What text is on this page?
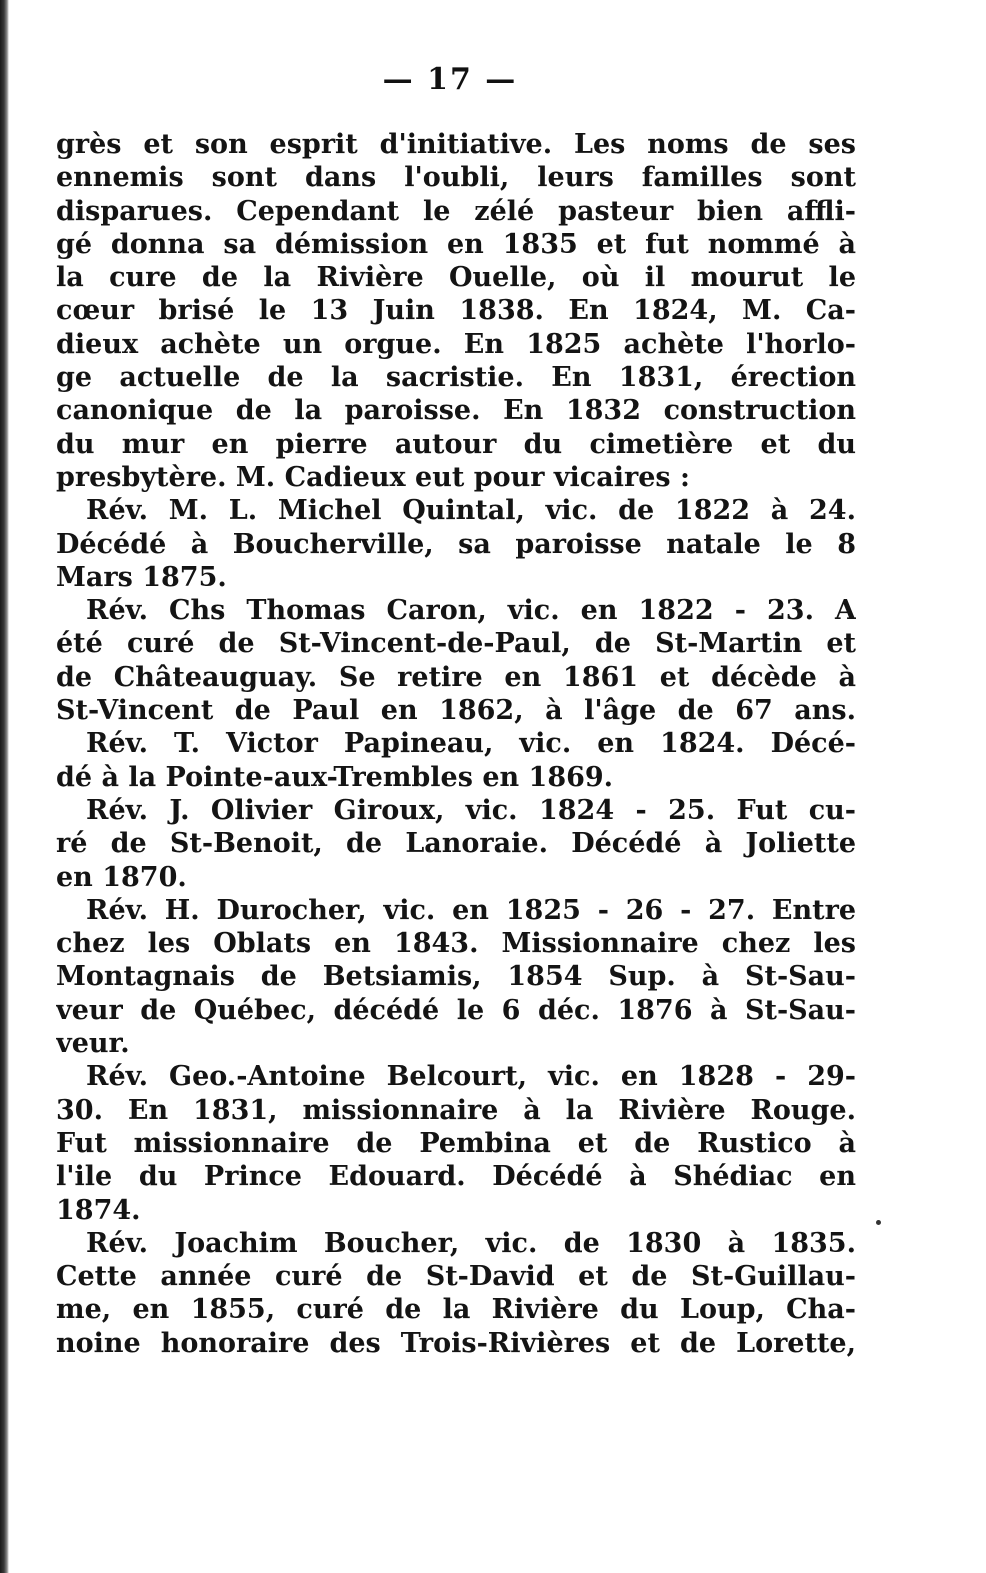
— 17 —
grès et son esprit d'initiative. Les noms de ses
ennemis sont dans l'oubli, leurs familles sont
disparues. Cependant le zélé pasteur bien affli-
gé donna sa démission en 1835 et fut nommé à
la cure de la Rivière Ouelle, où il mourut le
cœur brisé le 13 Juin 1838. En 1824, M. Ca-
dieux achète un orgue. En 1825 achète l'horlo-
ge actuelle de la sacristie. En 1831, érection
canonique de la paroisse. En 1832 construction
du mur en pierre autour du cimetière et du
presbytère. M. Cadieux eut pour vicaires :
Rév. M. L. Michel Quintal, vic. de 1822 à 24.
Décédé à Boucherville, sa paroisse natale le 8
Mars 1875.
Rév. Chs Thomas Caron, vic. en 1822 - 23. A
été curé de St-Vincent-de-Paul, de St-Martin et
de Châteauguay. Se retire en 1861 et décède à
St-Vincent de Paul en 1862, à l'âge de 67 ans.
Rév. T. Victor Papineau, vic. en 1824. Décé-
dé à la Pointe-aux-Trembles en 1869.
Rév. J. Olivier Giroux, vic. 1824 - 25. Fut cu-
ré de St-Benoit, de Lanoraie. Décédé à Joliette
en 1870.
Rév. H. Durocher, vic. en 1825 - 26 - 27. Entre
chez les Oblats en 1843. Missionnaire chez les
Montagnais de Betsiamis, 1854 Sup. à St-Sau-
veur de Québec, décédé le 6 déc. 1876 à St-Sau-
veur.
Rév. Geo.-Antoine Belcourt, vic. en 1828 - 29-
30. En 1831, missionnaire à la Rivière Rouge.
Fut missionnaire de Pembina et de Rustico à
l'ile du Prince Edouard. Décédé à Shédiac en
1874.
Rév. Joachim Boucher, vic. de 1830 à 1835.
Cette année curé de St-David et de St-Guillau-
me, en 1855, curé de la Rivière du Loup, Cha-
noine honoraire des Trois-Rivières et de Lorette,
